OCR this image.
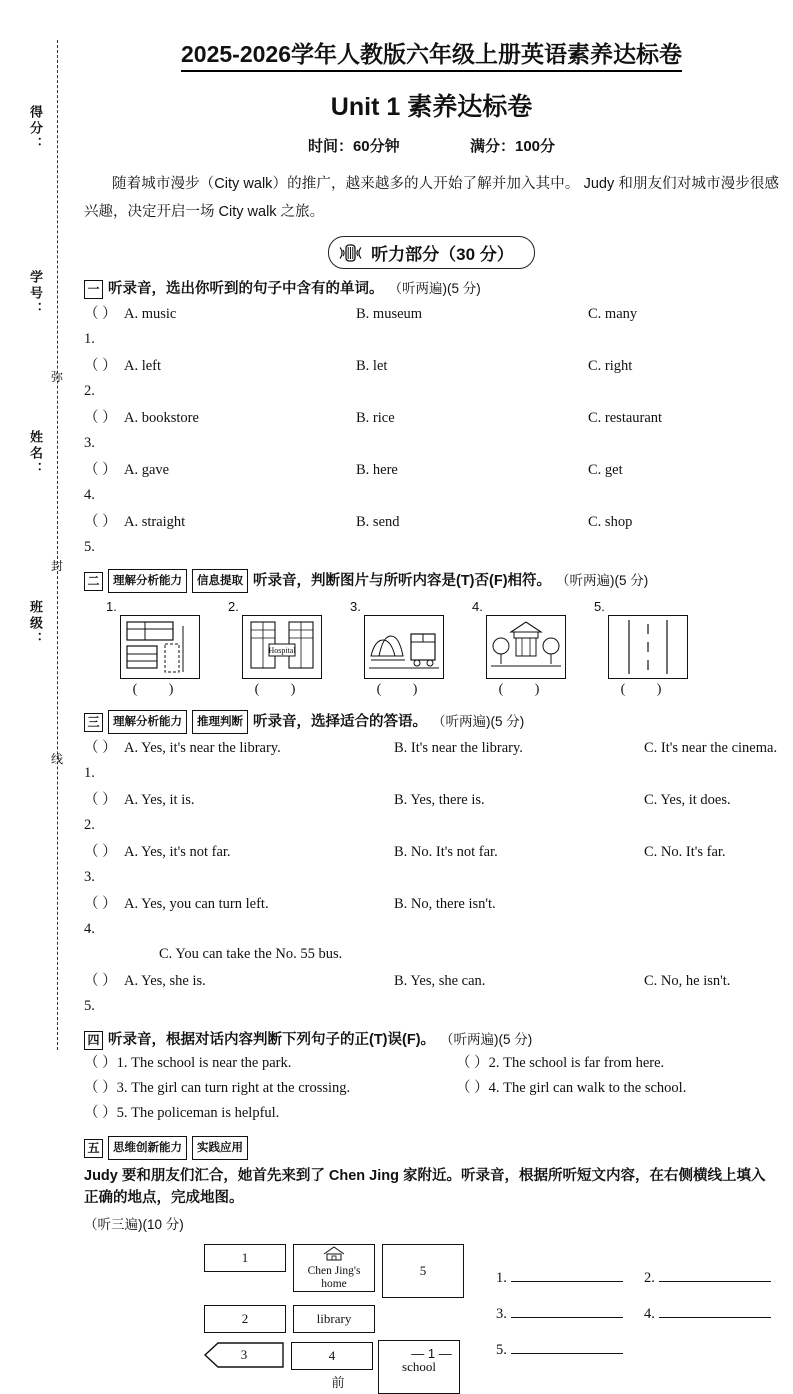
得分：
学号：
姓名：
班级：
弥
封
线
2025-2026学年人教版六年级上册英语素养达标卷
Unit 1 素养达标卷
时间：60分钟	满分：100分
随着城市漫步（City walk）的推广，越来越多的人开始了解并加入其中。 Judy 和朋友们对城市漫步很感兴趣，决定开启一场 City walk 之旅。
听力部分（30 分）
一 听录音，选出你听到的句子中含有的单词。 （听两遍)(5 分)
（ ）1.
A. music	B. museum	C. many
（ ）2.
A. left	B. let	C. right
（ ）3.
A. bookstore	B. rice	C. restaurant
（ ）4.
A. gave	B. here	C. get
（ ）5.
A. straight	B. send	C. shop
二	理解分析能力	信息提取 听录音，判断图片与所听内容是(T)否(F)相符。 （听两遍)(5 分)
1.
( )
2.
Hospital
( )
3.
( )
4.
( )
5.
( )
三	理解分析能力	推理判断 听录音，选择适合的答语。 （听两遍)(5 分)
（ ）1.
A. Yes, it's near the library.	B. It's near the library.	C. It's near the cinema.
（ ）2.
A. Yes, it is.	B. Yes, there is.	C. Yes, it does.
（ ）3.
A. Yes, it's not far.	B. No. It's not far.	C. No. It's far.
（ ）4.
A. Yes, you can turn left.	B. No, there isn't.
C. You can take the No. 55 bus.
（ ）5.
A. Yes, she is.	B. Yes, she can.	C. No, he isn't.
四 听录音，根据对话内容判断下列句子的正(T)误(F)。 （听两遍)(5 分)
（ ）1. The school is near the park.	（ ）2. The school is far from here.
（ ）3. The girl can turn right at the crossing.	（ ）4. The girl can walk to the school.
（ ）5. The policeman is helpful.
五	思维创新能力	实践应用
Judy 要和朋友们汇合，她首先来到了 Chen Jing 家附近。听录音，根据所听短文内容，在右侧横线上填入正确的地点，完成地图。
（听三遍)(10 分)
1
Chen Jing's
home
5
2	library
school
3	4
前
1.	2.
3.	4.
5.
— 1 —
